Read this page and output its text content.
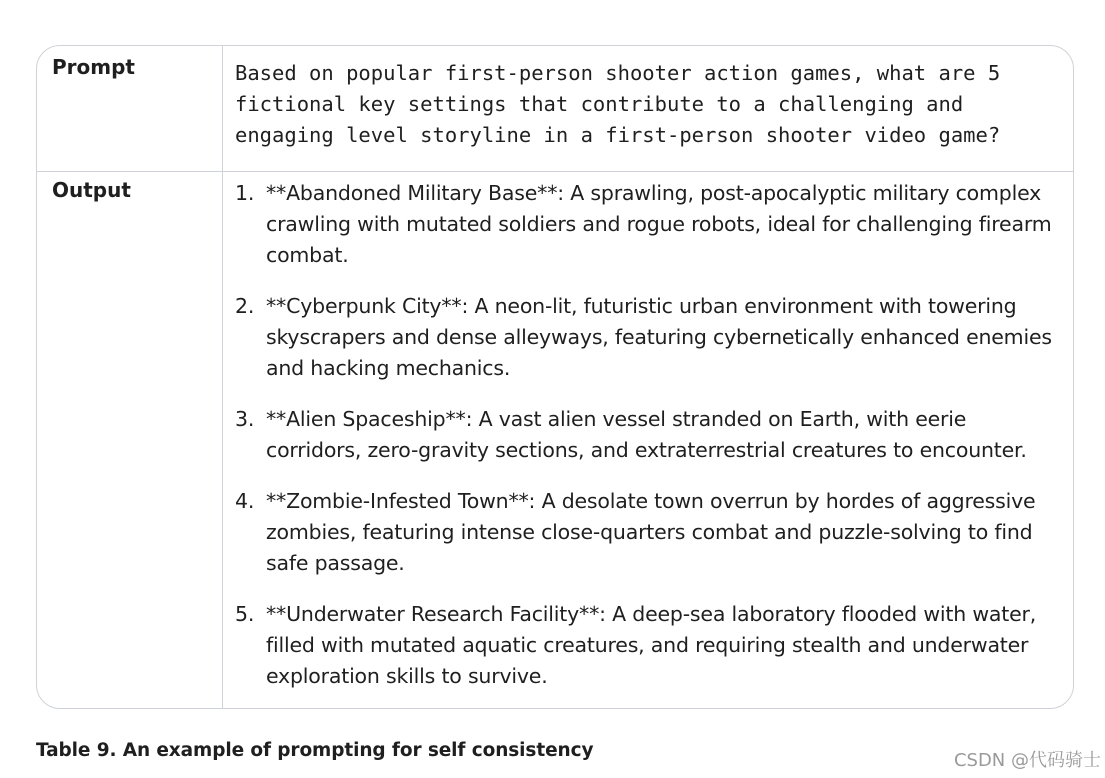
Prompt	Based on popular first-person shooter action games, what are 5 fictional key settings that contribute to a challenging and engaging level storyline in a first-person shooter video game?
Output	1. **Abandoned Military Base**: A sprawling, post-apocalyptic military complex crawling with mutated soldiers and rogue robots, ideal for challenging firearm combat.
2. **Cyberpunk City**: A neon-lit, futuristic urban environment with towering skyscrapers and dense alleyways, featuring cybernetically enhanced enemies and hacking mechanics.
3. **Alien Spaceship**: A vast alien vessel stranded on Earth, with eerie corridors, zero-gravity sections, and extraterrestrial creatures to encounter.
4. **Zombie-Infested Town**: A desolate town overrun by hordes of aggressive zombies, featuring intense close-quarters combat and puzzle-solving to find safe passage.
5. **Underwater Research Facility**: A deep-sea laboratory flooded with water, filled with mutated aquatic creatures, and requiring stealth and underwater exploration skills to survive.
Table 9. An example of prompting for self consistency	CSDN @代码骑士
